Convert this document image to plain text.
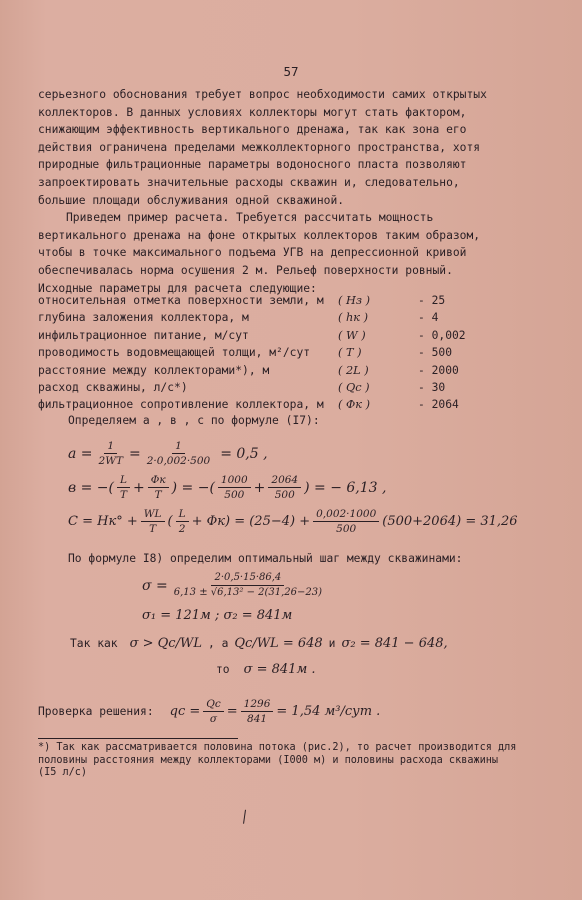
57

серьезного обоснования требует вопрос необходимости самих открытых коллекторов. В данных условиях коллекторы могут стать фактором, снижающим эффективность вертикального дренажа, так как зона его действия ограничена пределами межколлекторного пространства, хотя природные фильтрационные параметры водоносного пласта позволяют запроектировать значительные расходы скважин и, следовательно, большие площади обслуживания одной скважиной.

Приведем пример расчета. Требуется рассчитать мощность вертикального дренажа на фоне открытых коллекторов таким образом, чтобы в точке максимального подъема УГВ на депрессионной кривой обеспечивалась норма осушения 2 м. Рельеф поверхности ровный. Исходные параметры для расчета следующие:

относительная отметка поверхности земли, м	( Hз )	- 25
глубина заложения коллектора, м	( hк )	- 4
инфильтрационное питание, м/сут	( W )	- 0,002
проводимость водовмещающей толщи, м²/сут	( T )	- 500
расстояние между коллекторами*), м	( 2L )	- 2000
расход скважины, л/с*)	( Qc )	- 30
фильтрационное сопротивление коллектора, м	( Φк )	- 2064
Определяем a , в , c по формуле (I7):
$a = \frac{1}{2WT} = \frac{1}{2\cdot 0,002\cdot 500} = 0,5$ ,
в = −( $\frac{L}{T} + \frac{\Phi к}{T}$ ) = −( $\frac{1000}{500} + \frac{2064}{500}$ ) = − 6,13 ,
$C = Hк^\circ + \frac{WL}{T}$ ( $\frac{L}{2} + \Phi к) = (25-4) + \frac{0,002\cdot 1000}{500} (500+2064) = 31,26$
По формуле I8) определим оптимальный шаг между скважинами:
$\sigma = \frac{2\cdot 0,5\cdot 15\cdot 86,4}{\text{6,13 ± √6,13² − 2(31,26−23)}}$
σ₁ = 121м ; σ₂ = 841м
Так как σ > Qc/WL , а Qc/WL = 648 и σ₂ = 841 − 648,
то σ = 841м .
Проверка решения: qс = $\frac{Qc}{\sigma} = \frac{1296}{841} = 1,54$ м³/сут .
*) Так как рассматривается половина потока (рис.2), то расчет производится для половины расстояния между коллекторами (I000 м) и половины расхода скважины (I5 л/с)
